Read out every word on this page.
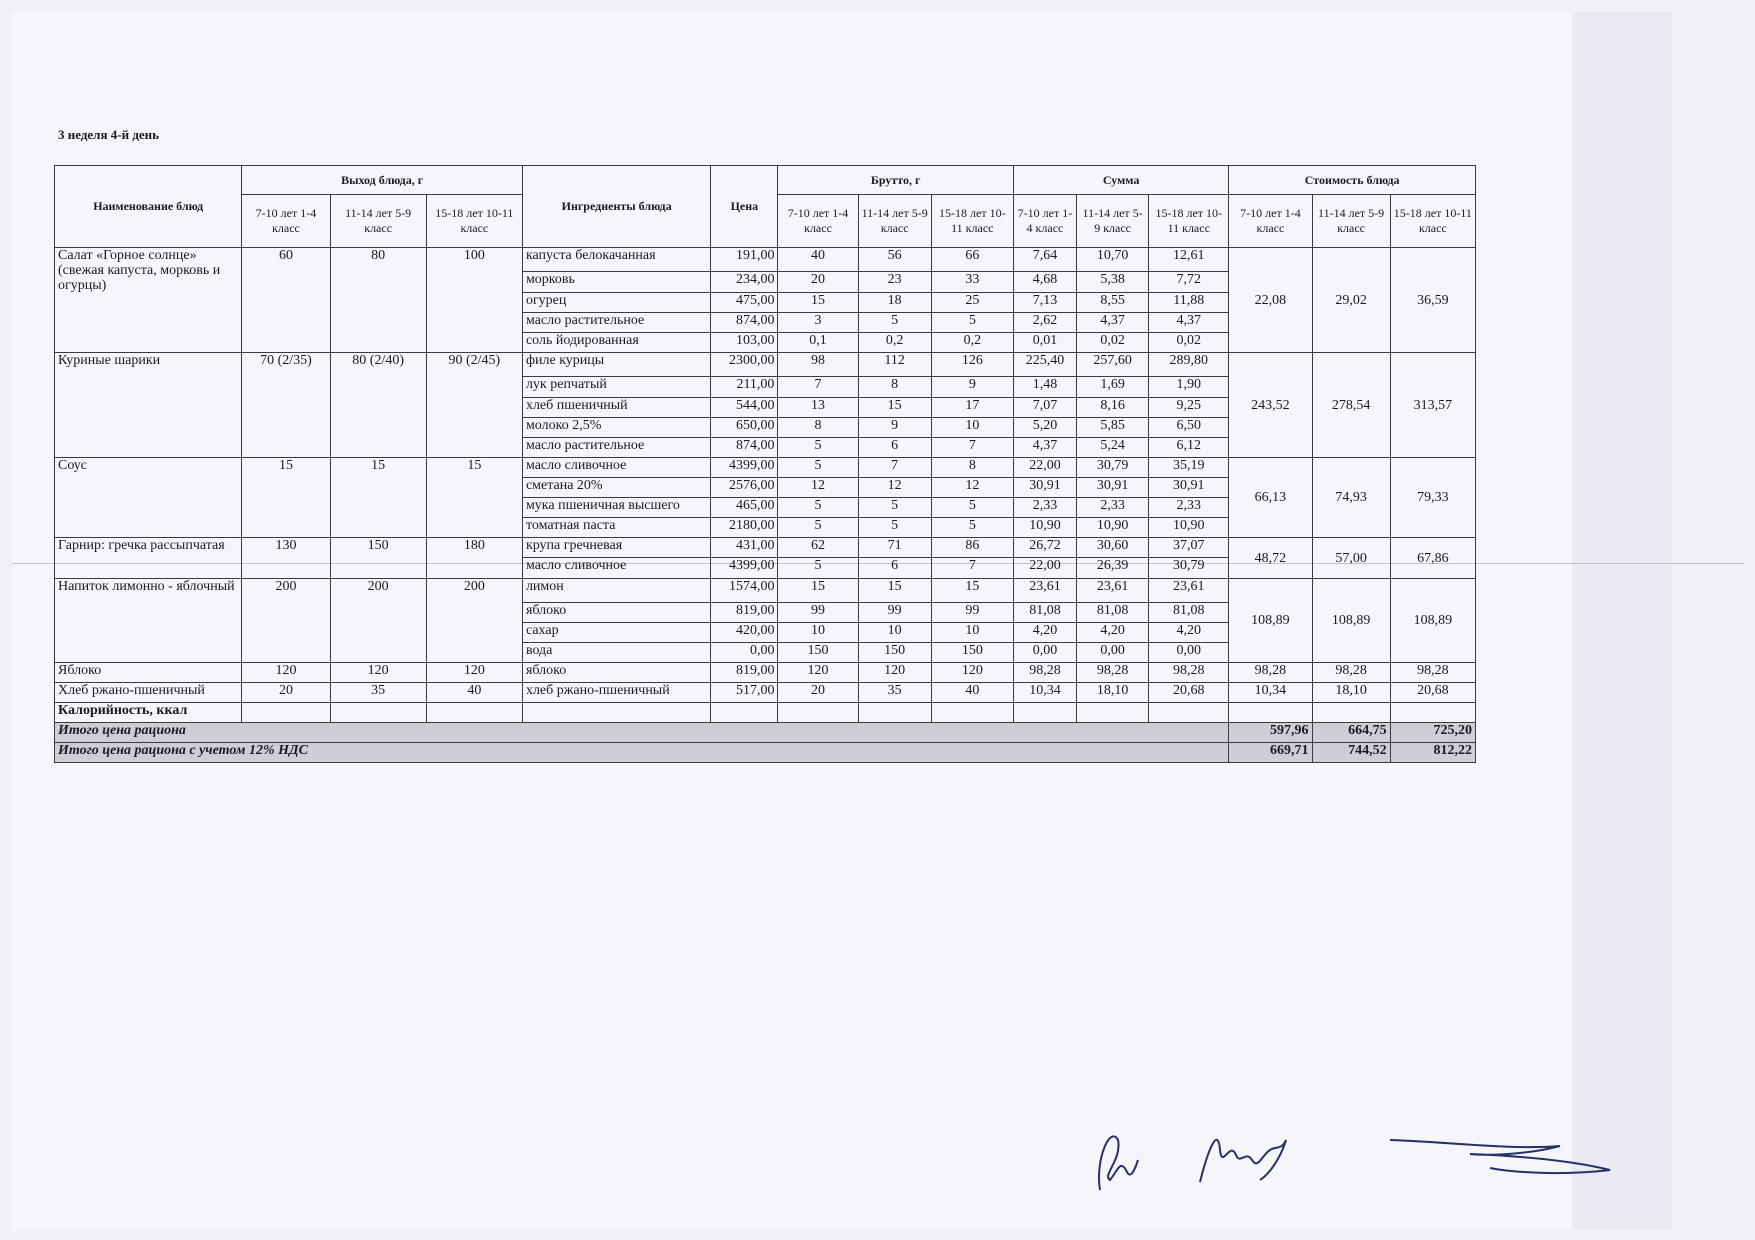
3 неделя 4-й день
Наименование блюд	Выход блюда, г			Ингредиенты блюда	Цена	Брутто, г			Сумма			Стоимость блюда		
	7-10 лет 1-4 класс	11-14 лет 5-9 класс	15-18 лет 10-11 класс			7-10 лет 1-4 класс	11-14 лет 5-9 класс	15-18 лет 10-11 класс	7-10 лет 1-4 класс	11-14 лет 5-9 класс	15-18 лет 10-11 класс	7-10 лет 1-4 класс	11-14 лет 5-9 класс	15-18 лет 10-11 класс
Салат «Горное солнце» (свежая капуста, морковь и огурцы)	60	80	100	капуста белокачанная	191,00	40	56	66	7,64	10,70	12,61	22,08	29,02	36,59
				морковь	234,00	20	23	33	4,68	5,38	7,72			
				огурец	475,00	15	18	25	7,13	8,55	11,88			
				масло растительное	874,00	3	5	5	2,62	4,37	4,37			
				соль йодированная	103,00	0,1	0,2	0,2	0,01	0,02	0,02			
Куриные шарики	70 (2/35)	80 (2/40)	90 (2/45)	филе курицы	2300,00	98	112	126	225,40	257,60	289,80	243,52	278,54	313,57
				лук репчатый	211,00	7	8	9	1,48	1,69	1,90			
				хлеб пшеничный	544,00	13	15	17	7,07	8,16	9,25			
				молоко 2,5%	650,00	8	9	10	5,20	5,85	6,50			
				масло растительное	874,00	5	6	7	4,37	5,24	6,12			
Соус	15	15	15	масло сливочное	4399,00	5	7	8	22,00	30,79	35,19	66,13	74,93	79,33
				сметана 20%	2576,00	12	12	12	30,91	30,91	30,91			
				мука пшеничная высшего	465,00	5	5	5	2,33	2,33	2,33			
				томатная паста	2180,00	5	5	5	10,90	10,90	10,90			
Гарнир: гречка рассыпчатая	130	150	180	крупа гречневая	431,00	62	71	86	26,72	30,60	37,07	48,72	57,00	67,86
				масло сливочное	4399,00	5	6	7	22,00	26,39	30,79			
Напиток лимонно - яблочный	200	200	200	лимон	1574,00	15	15	15	23,61	23,61	23,61	108,89	108,89	108,89
				яблоко	819,00	99	99	99	81,08	81,08	81,08			
				сахар	420,00	10	10	10	4,20	4,20	4,20			
				вода	0,00	150	150	150	0,00	0,00	0,00			
Яблоко	120	120	120	яблоко	819,00	120	120	120	98,28	98,28	98,28	98,28	98,28	98,28
Хлеб ржано-пшеничный	20	35	40	хлеб ржано-пшеничный	517,00	20	35	40	10,34	18,10	20,68	10,34	18,10	20,68
Калорийность, ккал														
Итого цена рациона												597,96	664,75	725,20
Итого цена рациона с учетом 12% НДС												669,71	744,52	812,22
